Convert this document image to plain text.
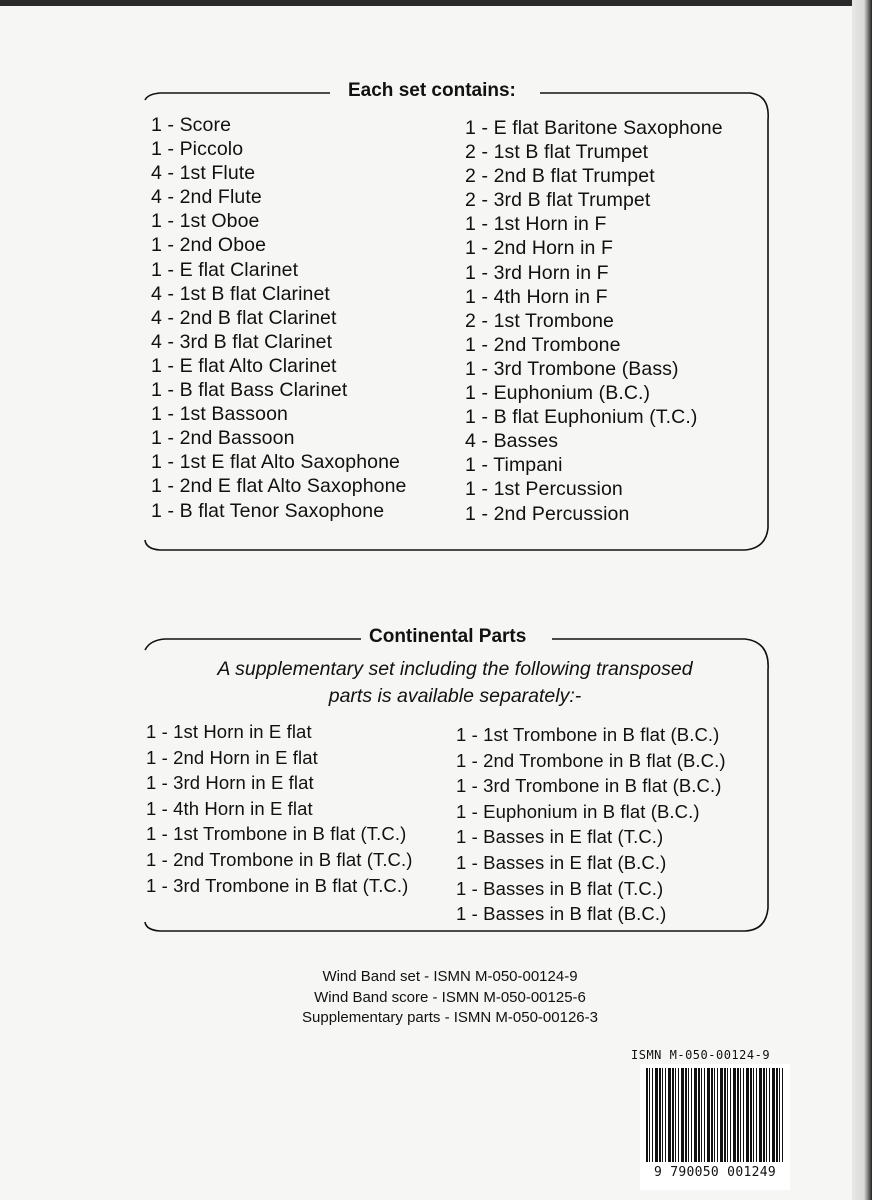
Each set contains:
1 - Score
1 - Piccolo
4 - 1st Flute
4 - 2nd Flute
1 - 1st Oboe
1 - 2nd Oboe
1 - E flat Clarinet
4 - 1st B flat Clarinet
4 - 2nd B flat Clarinet
4 - 3rd B flat Clarinet
1 - E flat Alto Clarinet
1 - B flat Bass Clarinet
1 - 1st Bassoon
1 - 2nd Bassoon
1 - 1st E flat Alto Saxophone
1 - 2nd E flat Alto Saxophone
1 - B flat Tenor Saxophone
1 - E flat Baritone Saxophone
2 - 1st B flat Trumpet
2 - 2nd B flat Trumpet
2 - 3rd B flat Trumpet
1 - 1st Horn in F
1 - 2nd Horn in F
1 - 3rd Horn in F
1 - 4th Horn in F
2 - 1st Trombone
1 - 2nd Trombone
1 - 3rd Trombone (Bass)
1 - Euphonium (B.C.)
1 - B flat Euphonium (T.C.)
4 - Basses
1 - Timpani
1 - 1st Percussion
1 - 2nd Percussion
Continental Parts
A supplementary set including the following transposed
parts is available separately:-
1 - 1st Horn in E flat
1 - 2nd Horn in E flat
1 - 3rd Horn in E flat
1 - 4th Horn in E flat
1 - 1st Trombone in B flat (T.C.)
1 - 2nd Trombone in B flat (T.C.)
1 - 3rd Trombone in B flat (T.C.)
1 - 1st Trombone in B flat (B.C.)
1 - 2nd Trombone in B flat (B.C.)
1 - 3rd Trombone in B flat (B.C.)
1 - Euphonium in B flat (B.C.)
1 - Basses in E flat (T.C.)
1 - Basses in E flat (B.C.)
1 - Basses in B flat (T.C.)
1 - Basses in B flat (B.C.)
Wind Band set - ISMN M-050-00124-9
Wind Band score - ISMN M-050-00125-6
Supplementary parts - ISMN M-050-00126-3
ISMN M-050-00124-9
9 790050 001249
